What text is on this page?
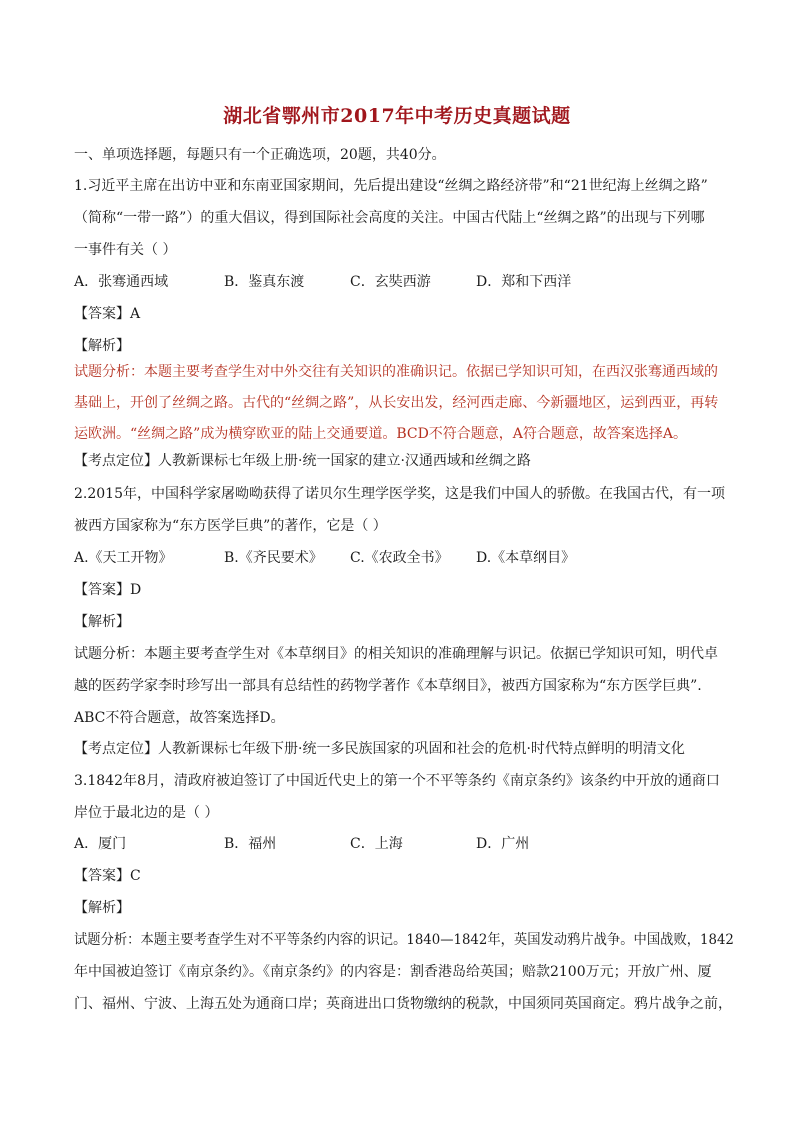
湖北省鄂州市2017年中考历史真题试题
一、单项选择题，每题只有一个正确选项，20题，共40分。
1.习近平主席在出访中亚和东南亚国家期间，先后提出建设“丝绸之路经济带”和“21世纪海上丝绸之路”
（简称“一带一路”）的重大倡议，得到国际社会高度的关注。中国古代陆上“丝绸之路”的出现与下列哪
一事件有关（ ）
A．张骞通西域	B．鉴真东渡	C．玄奘西游	D．郑和下西洋
【答案】A
【解析】
试题分析：本题主要考查学生对中外交往有关知识的准确识记。依据已学知识可知，在西汉张骞通西域的
基础上，开创了丝绸之路。古代的“丝绸之路”，从长安出发，经河西走廊、今新疆地区，运到西亚，再转
运欧洲。“丝绸之路”成为横穿欧亚的陆上交通要道。BCD不符合题意，A符合题意，故答案选择A。
【考点定位】人教新课标七年级上册·统一国家的建立·汉通西域和丝绸之路
2.2015年，中国科学家屠呦呦获得了诺贝尔生理学医学奖，这是我们中国人的骄傲。在我国古代，有一项
被西方国家称为“东方医学巨典”的著作，它是（ ）
A.《天工开物》	B.《齐民要术》 C.《农政全书》 D.《本草纲目》
【答案】D
【解析】
试题分析：本题主要考查学生对《本草纲目》的相关知识的准确理解与识记。依据已学知识可知，明代卓
越的医药学家李时珍写出一部具有总结性的药物学著作《本草纲目》，被西方国家称为“东方医学巨典”.
ABC不符合题意，故答案选择D。
【考点定位】人教新课标七年级下册·统一多民族国家的巩固和社会的危机·时代特点鲜明的明清文化
3.1842年8月，清政府被迫签订了中国近代史上的第一个不平等条约《南京条约》该条约中开放的通商口
岸位于最北边的是（ ）
A．厦门	B．福州	C．上海	D．广州
【答案】C
【解析】
试题分析：本题主要考查学生对不平等条约内容的识记。1840—1842年，英国发动鸦片战争。中国战败，1842
年中国被迫签订《南京条约》。《南京条约》的内容是：割香港岛给英国；赔款2100万元；开放广州、厦
门、福州、宁波、上海五处为通商口岸；英商进出口货物缴纳的税款，中国须同英国商定。鸦片战争之前，
